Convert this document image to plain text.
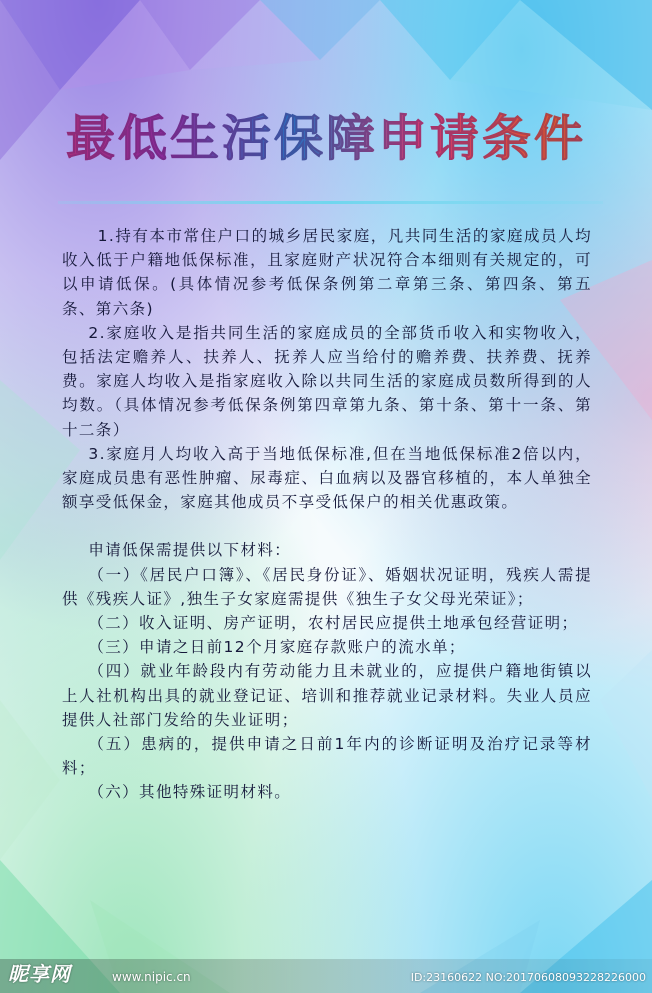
最低生活保障申请条件

1.持有本市常住户口的城乡居民家庭，凡共同生活的家庭成员人均收入低于户籍地低保标准，且家庭财产状况符合本细则有关规定的，可以申请低保。(具体情况参考低保条例第二章第三条、第四条、第五条、第六条)

2.家庭收入是指共同生活的家庭成员的全部货币收入和实物收入，包括法定赡养人、扶养人、抚养人应当给付的赡养费、扶养费、抚养费。家庭人均收入是指家庭收入除以共同生活的家庭成员数所得到的人均数。（具体情况参考低保条例第四章第九条、第十条、第十一条、第十二条）

3.家庭月人均收入高于当地低保标准,但在当地低保标准2倍以内，家庭成员患有恶性肿瘤、尿毒症、白血病以及器官移植的，本人单独全额享受低保金，家庭其他成员不享受低保户的相关优惠政策。

申请低保需提供以下材料：

（一）《居民户口簿》、《居民身份证》、婚姻状况证明，残疾人需提供《残疾人证》,独生子女家庭需提供《独生子女父母光荣证》；

（二）收入证明、房产证明，农村居民应提供土地承包经营证明；

（三）申请之日前12个月家庭存款账户的流水单；

（四）就业年龄段内有劳动能力且未就业的，应提供户籍地街镇以上人社机构出具的就业登记证、培训和推荐就业记录材料。失业人员应提供人社部门发给的失业证明；

（五）患病的，提供申请之日前1年内的诊断证明及治疗记录等材料；

（六）其他特殊证明材料。

昵享网	www.nipic.cn	ID:23160622 NO:20170608093228226000
